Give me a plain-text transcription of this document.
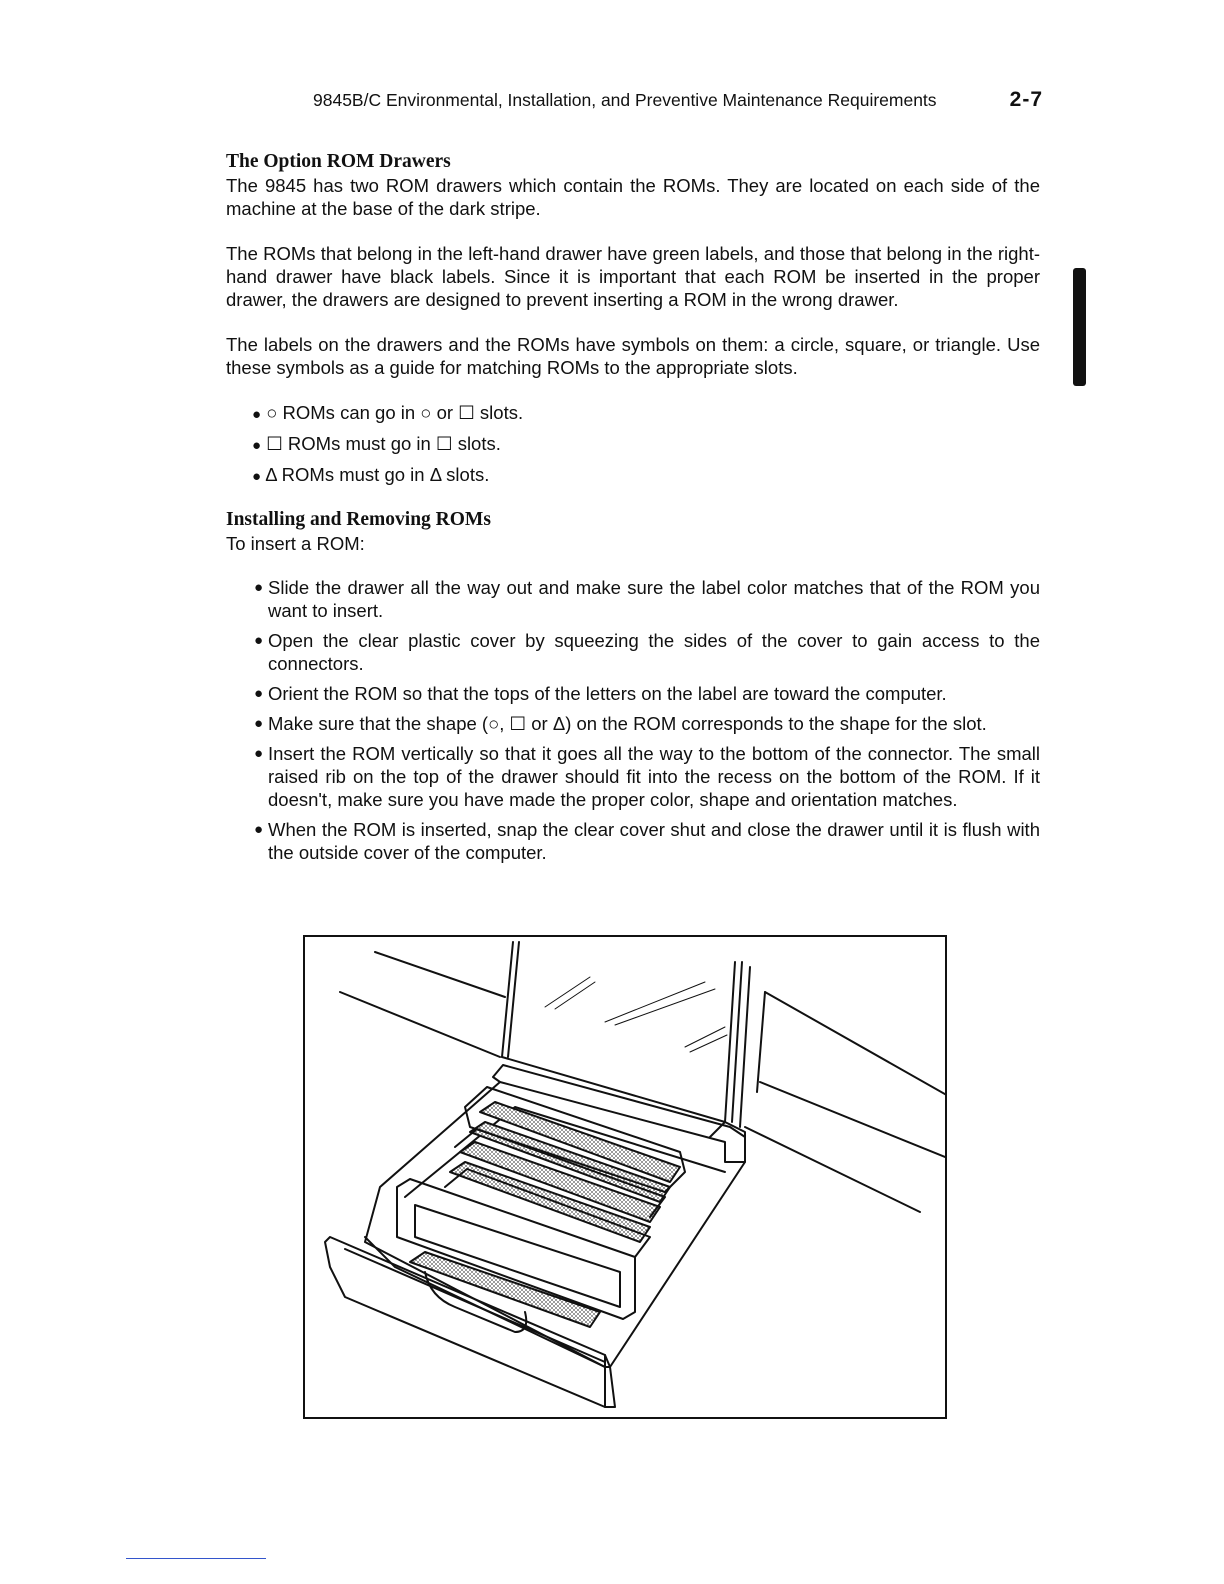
9845B/C Environmental, Installation, and Preventive Maintenance Requirements	2-7
The Option ROM Drawers

The 9845 has two ROM drawers which contain the ROMs. They are located on each side of the machine at the base of the dark stripe.

The ROMs that belong in the left-hand drawer have green labels, and those that belong in the right-hand drawer have black labels. Since it is important that each ROM be inserted in the proper drawer, the drawers are designed to prevent inserting a ROM in the wrong drawer.

The labels on the drawers and the ROMs have symbols on them: a circle, square, or triangle. Use these symbols as a guide for matching ROMs to the appropriate slots.

● ○ ROMs can go in ○ or ☐ slots.
● ☐ ROMs must go in ☐ slots.
● Δ ROMs must go in Δ slots.
Installing and Removing ROMs

To insert a ROM:

● Slide the drawer all the way out and make sure the label color matches that of the ROM you want to insert.
● Open the clear plastic cover by squeezing the sides of the cover to gain access to the connectors.
● Orient the ROM so that the tops of the letters on the label are toward the computer.
● Make sure that the shape (○, ☐ or Δ) on the ROM corresponds to the shape for the slot.
● Insert the ROM vertically so that it goes all the way to the bottom of the connector. The small raised rib on the top of the drawer should fit into the recess on the bottom of the ROM. If it doesn't, make sure you have made the proper color, shape and orientation matches.
● When the ROM is inserted, snap the clear cover shut and close the drawer until it is flush with the outside cover of the computer.
